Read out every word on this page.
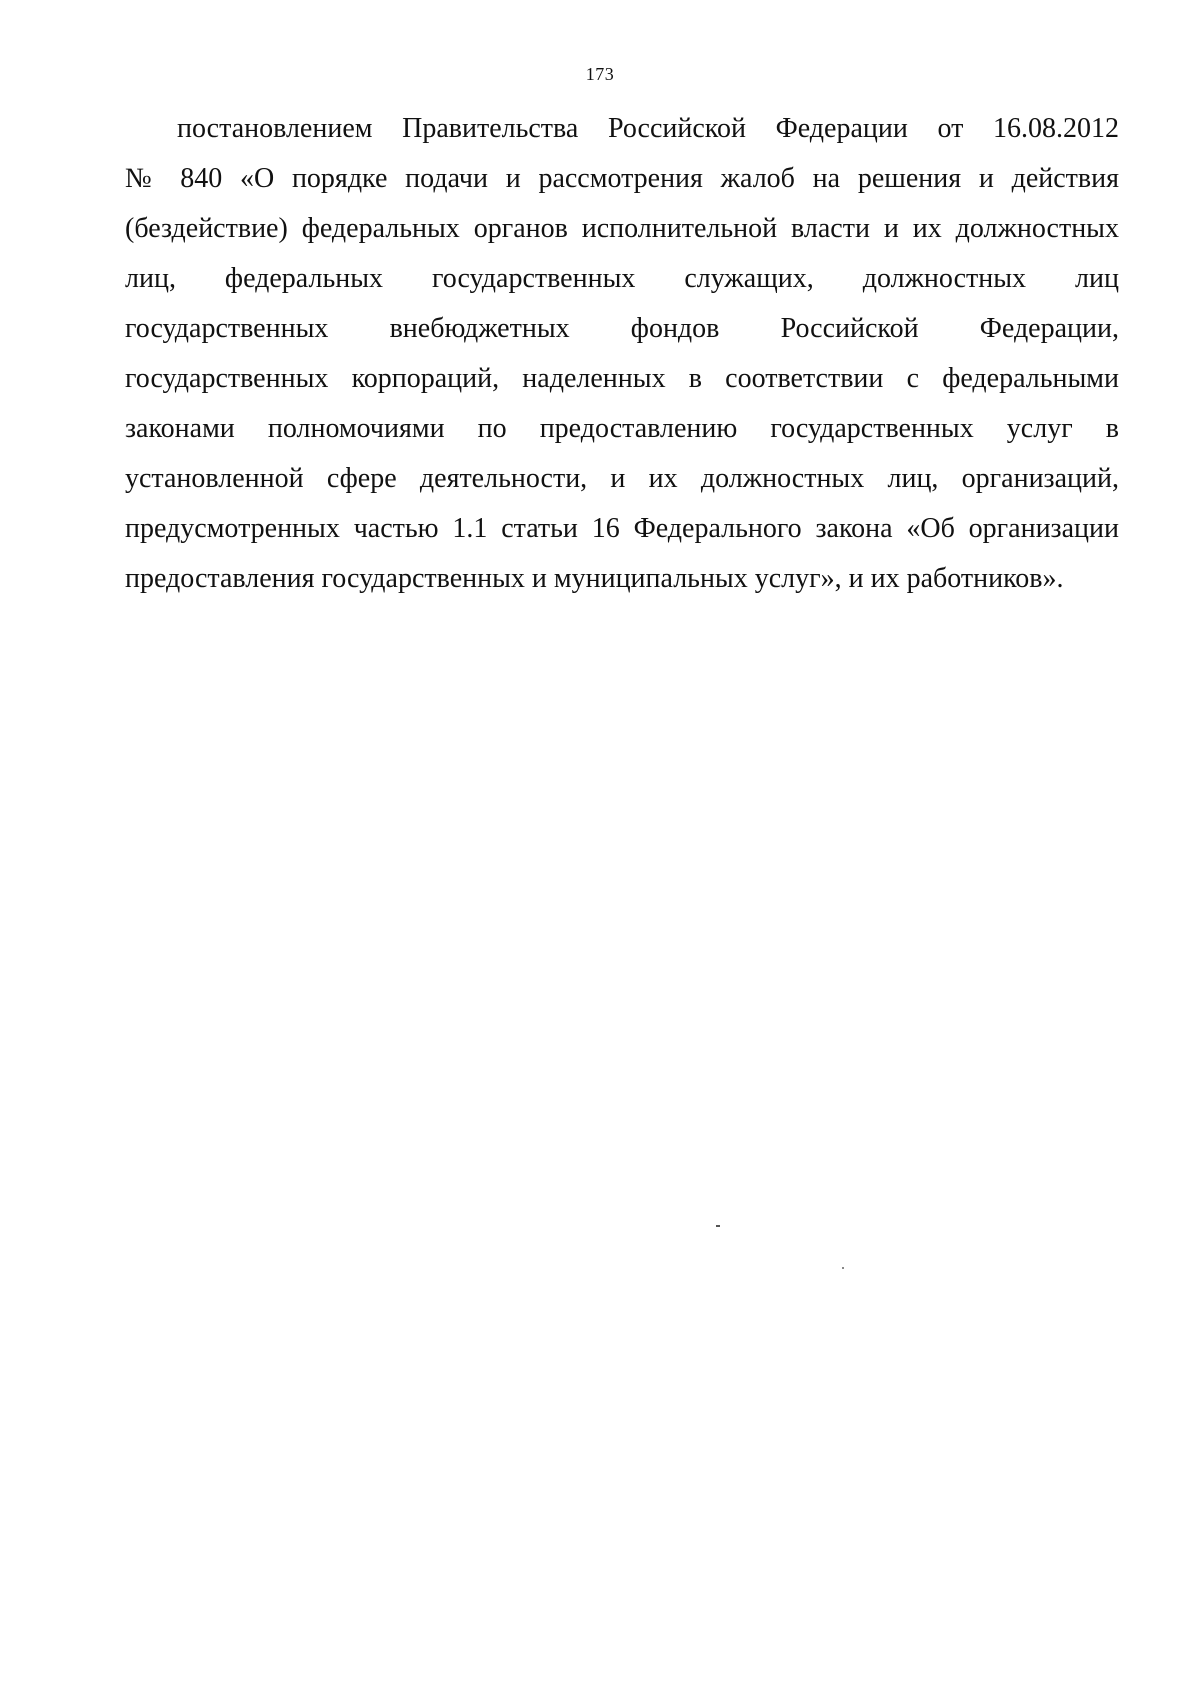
173
постановлением Правительства Российской Федерации от 16.08.2012
№ 840 «О порядке подачи и рассмотрения жалоб на решения и действия
(бездействие) федеральных органов исполнительной власти и их должностных
лиц, федеральных государственных служащих, должностных лиц
государственных внебюджетных фондов Российской Федерации,
государственных корпораций, наделенных в соответствии с федеральными
законами полномочиями по предоставлению государственных услуг в
установленной сфере деятельности, и их должностных лиц, организаций,
предусмотренных частью 1.1 статьи 16 Федерального закона «Об организации
предоставления государственных и муниципальных услуг», и их работников».
